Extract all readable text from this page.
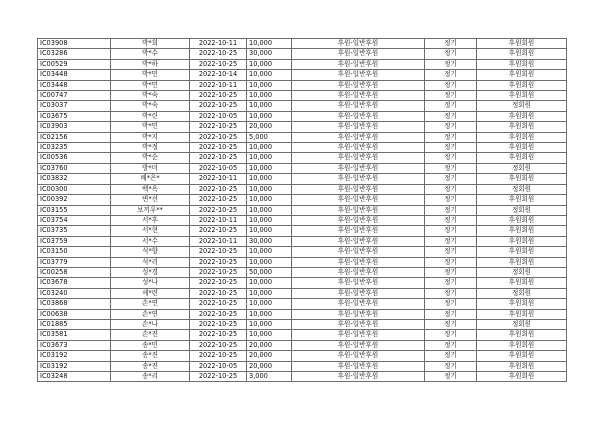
IC03908	박*희	2022-10-11	10,000	후원-일반후원	정기	후원회원
IC03286	박*수	2022-10-25	30,000	후원-일반후원	정기	후원회원
IC00529	박*하	2022-10-25	10,000	후원-일반후원	정기	후원회원
IC03448	박*민	2022-10-14	10,000	후원-일반후원	정기	후원회원
IC03448	박*민	2022-10-11	10,000	후원-일반후원	정기	후원회원
IC00747	박*숙	2022-10-25	10,000	후원-일반후원	정기	후원회원
IC03037	박*숙	2022-10-25	10,000	후원-일반후원	정기	정회원
IC03675	박*린	2022-10-05	10,000	후원-일반후원	정기	후원회원
IC03903	박*민	2022-10-25	20,000	후원-일반후원	정기	후원회원
IC02156	박*지	2022-10-25	5,000	후원-일반후원	정기	후원회원
IC03235	박*정	2022-10-25	10,000	후원-일반후원	정기	후원회원
IC00536	박*순	2022-10-25	10,000	후원-일반후원	정기	후원회원
IC03760	방*미	2022-10-05	10,000	후원-일반후원	정기	정회원
IC03832	배*은*	2022-10-11	10,000	후원-일반후원	정기	후원회원
IC00300	백*옥	2022-10-25	10,000	후원-일반후원	정기	정회원
IC00392	변*선	2022-10-25	10,000	후원-일반후원	정기	후원회원
IC03155	보끼우**	2022-10-25	10,000	후원-일반후원	정기	정회원
IC03754	서*후	2022-10-11	10,000	후원-일반후원	정기	후원회원
IC03735	서*현	2022-10-25	10,000	후원-일반후원	정기	후원회원
IC03759	서*수	2022-10-11	30,000	후원-일반후원	정기	후원회원
IC03150	석*향	2022-10-25	10,000	후원-일반후원	정기	후원회원
IC03779	석*리	2022-10-25	10,000	후원-일반후원	정기	후원회원
IC00258	성*경	2022-10-25	50,000	후원-일반후원	정기	정회원
IC03678	성*나	2022-10-25	10,000	후원-일반후원	정기	후원회원
IC03240	셰*련	2022-10-25	10,000	후원-일반후원	정기	정회원
IC03868	손*연	2022-10-25	10,000	후원-일반후원	정기	후원회원
IC00638	손*연	2022-10-25	10,000	후원-일반후원	정기	후원회원
IC01885	손*나	2022-10-25	10,000	후원-일반후원	정기	정회원
IC03581	손*진	2022-10-25	10,000	후원-일반후원	정기	후원회원
IC03673	송*민	2022-10-25	20,000	후원-일반후원	정기	후원회원
IC03192	송*진	2022-10-25	20,000	후원-일반후원	정기	후원회원
IC03192	송*진	2022-10-05	20,000	후원-일반후원	정기	후원회원
IC03248	송*리	2022-10-25	3,000	후원-일반후원	정기	후원회원
